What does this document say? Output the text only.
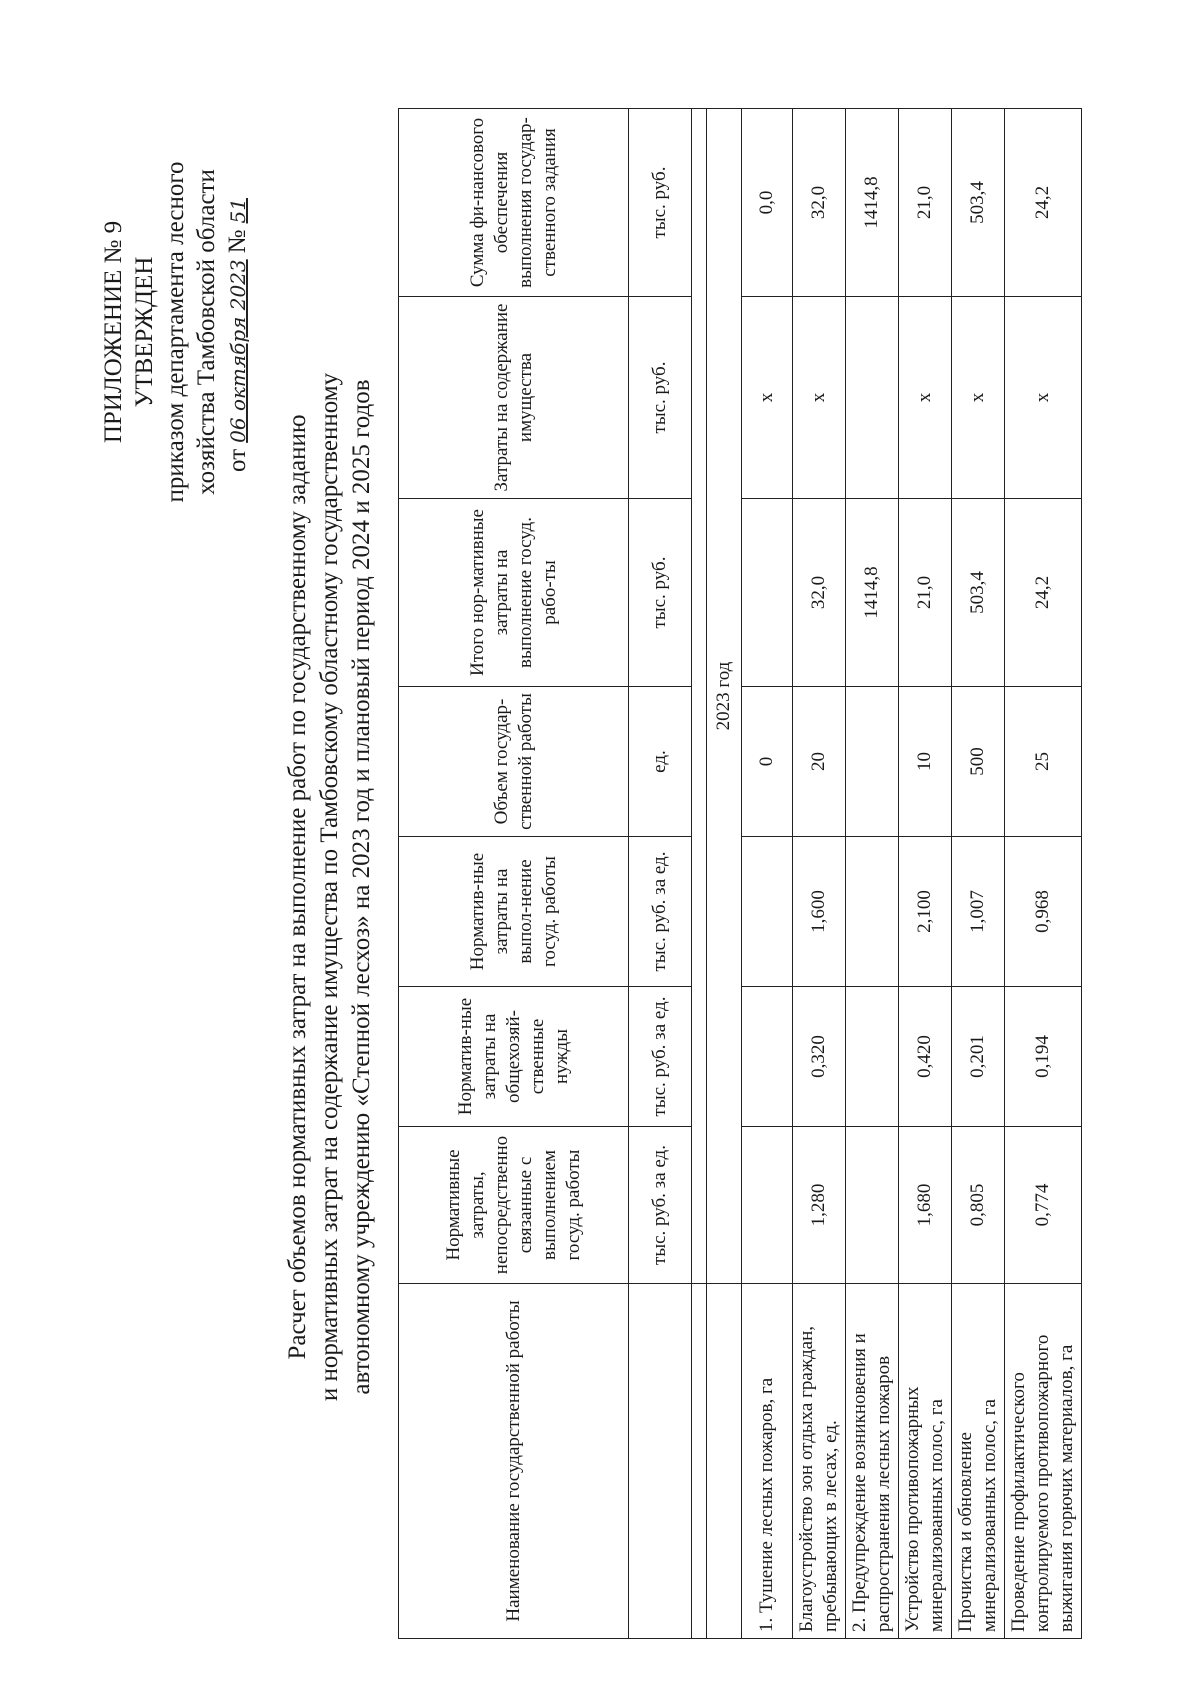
ПРИЛОЖЕНИЕ № 9 УТВЕРЖДЕН приказом департамента лесного хозяйства Тамбовской области от06 октября 2023№51
Расчет объемов нормативных затрат на выполнение работ по государственному заданию и нормативных затрат на содержание имущества по Тамбовскому областному государственному автономному учреждению «Степной лесхоз» на 2023 год и плановый период 2024 и 2025 годов
Наименование государственной работы	Нормативные затраты, непосредственно связанные с выполнением госуд. работы	Норматив-ные затраты на общехозяй-ственные нужды	Норматив-ные затраты на выпол-нение госуд. работы	Объем государ-ственной работы	Итого нор-мативные затраты на выполнение госуд. рабо-ты	Затраты на содержание имущества	Сумма фи-нансового обеспечения выполнения государ-ственного задания
	тыс. руб. за ед.	тыс. руб. за ед.	тыс. руб. за ед.	ед.	тыс. руб.	тыс. руб.	тыс. руб.

	2023 год						
1. Тушение лесных пожаров, га				0		х	0,0
Благоустройство зон отдыха граждан, пребывающих в лесах, ед.	1,280	0,320	1,600	20	32,0	х	32,0
2. Предупреждение возникновения и распространения лесных пожаров					1414,8		1414,8
Устройство противопожарных минерализованных полос, га	1,680	0,420	2,100	10	21,0	х	21,0
Прочистка и обновление минерализованных полос, га	0,805	0,201	1,007	500	503,4	х	503,4
Проведение профилактического контролируемого противопожарного выжигания горючих материалов, га	0,774	0,194	0,968	25	24,2	х	24,2
